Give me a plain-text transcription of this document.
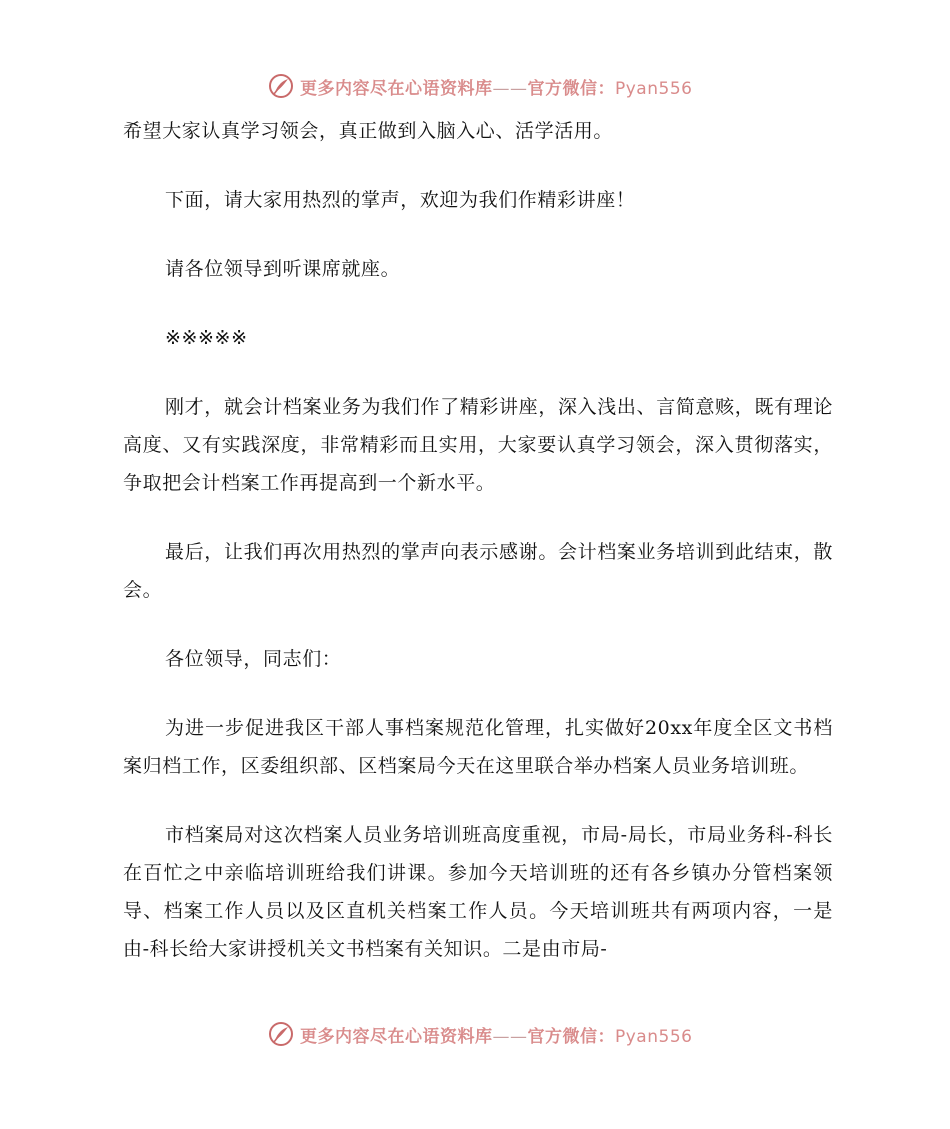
更多内容尽在心语资料库——官方微信：Pyan556

希望大家认真学习领会，真正做到入脑入心、活学活用。

下面，请大家用热烈的掌声，欢迎为我们作精彩讲座！

请各位领导到听课席就座。

※※※※※

刚才，就会计档案业务为我们作了精彩讲座，深入浅出、言简意赅，既有理论高度、又有实践深度，非常精彩而且实用，大家要认真学习领会，深入贯彻落实，争取把会计档案工作再提高到一个新水平。

最后，让我们再次用热烈的掌声向表示感谢。会计档案业务培训到此结束，散会。

各位领导，同志们：

为进一步促进我区干部人事档案规范化管理，扎实做好20xx年度全区文书档案归档工作，区委组织部、区档案局今天在这里联合举办档案人员业务培训班。

市档案局对这次档案人员业务培训班高度重视，市局-局长，市局业务科-科长在百忙之中亲临培训班给我们讲课。参加今天培训班的还有各乡镇办分管档案领导、档案工作人员以及区直机关档案工作人员。今天培训班共有两项内容，一是由-科长给大家讲授机关文书档案有关知识。二是由市局-

更多内容尽在心语资料库——官方微信：Pyan556
